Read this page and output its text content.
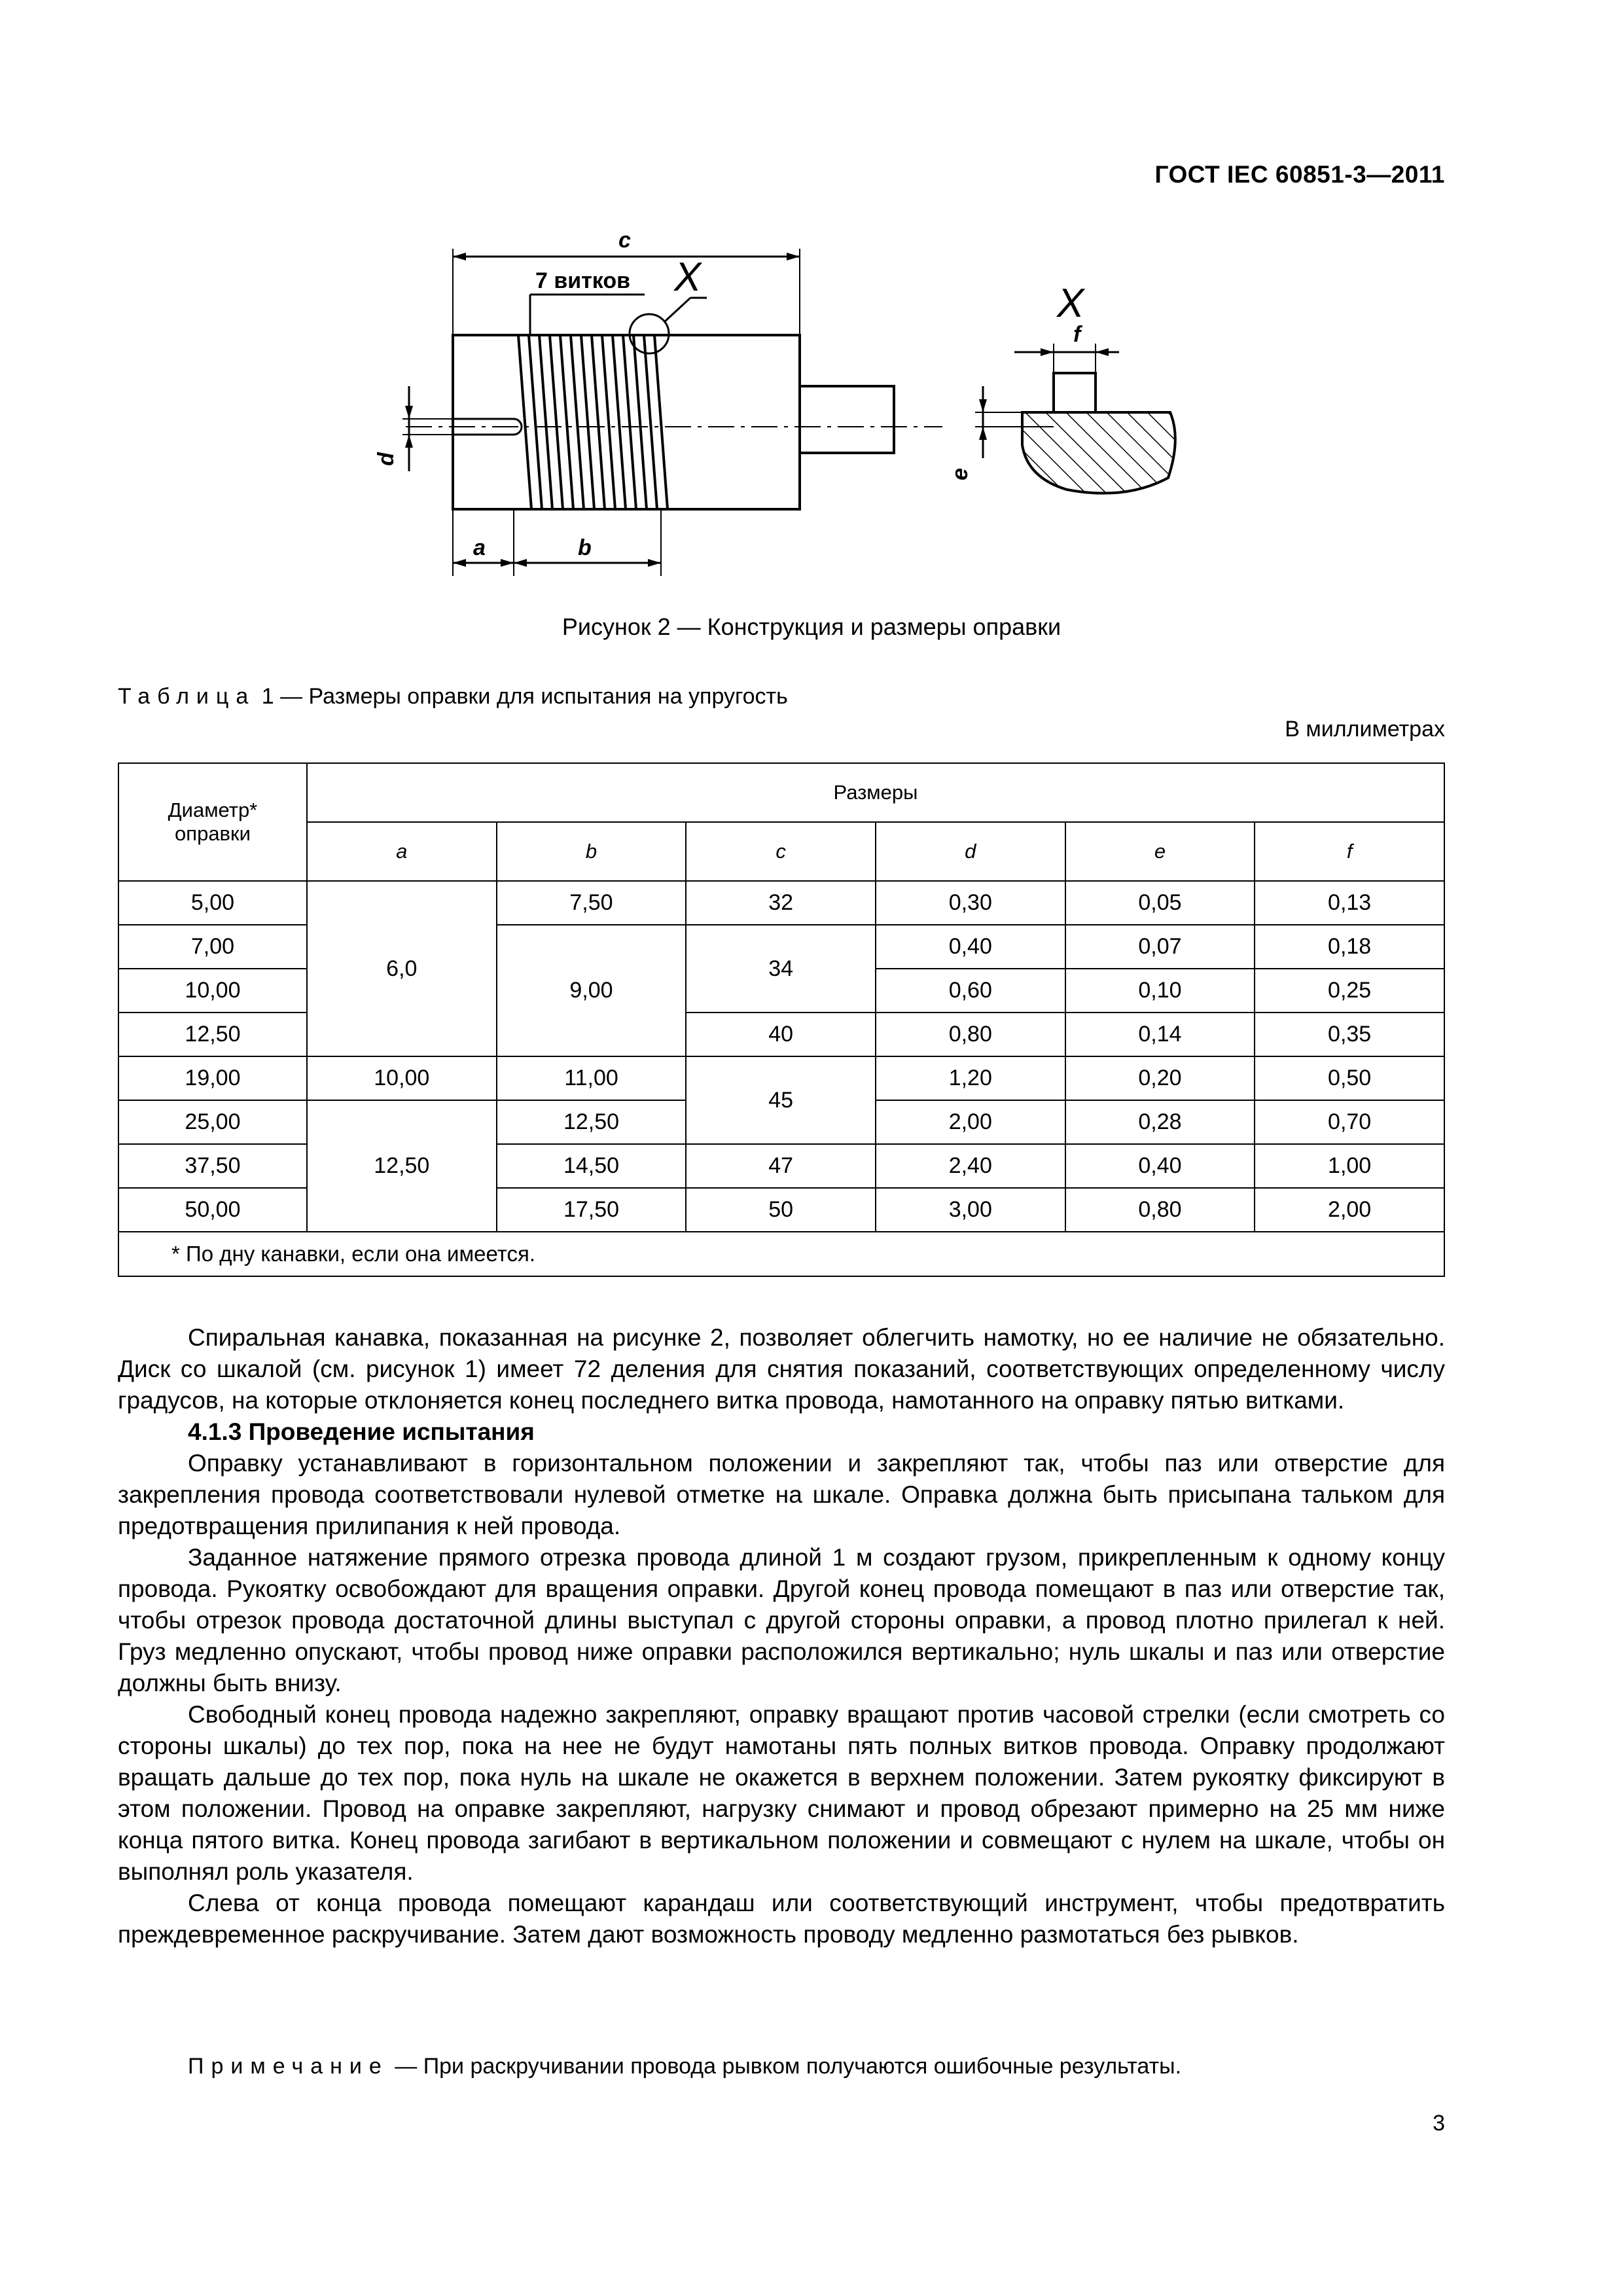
ГОСТ IEC 60851-3—2011
c
7 витков X
a	b
d
X
f
e
Рисунок 2 — Конструкция и размеры оправки
Таблица 1 — Размеры оправки для испытания на упругость
В миллиметрах
Диаметр* оправки	Размеры					
	a	b	c	d	e	f
5,00	6,0	7,50	32	0,30	0,05	0,13
7,00		9,00	34	0,40	0,07	0,18
10,00				0,60	0,10	0,25
12,50			40	0,80	0,14	0,35
19,00	10,00	11,00	45	1,20	0,20	0,50
25,00	12,50	12,50		2,00	0,28	0,70
37,50		14,50	47	2,40	0,40	1,00
50,00		17,50	50	3,00	0,80	2,00
* По дну канавки, если она имеется.						

Спиральная канавка, показанная на рисунке 2, позволяет облегчить намотку, но ее наличие не обязательно. Диск со шкалой (см. рисунок 1) имеет 72 деления для снятия показаний, соответствующих определенному числу градусов, на которые отклоняется конец последнего витка провода, намотанного на оправку пятью витками.

4.1.3 Проведение испытания

Оправку устанавливают в горизонтальном положении и закрепляют так, чтобы паз или отверстие для закрепления провода соответствовали нулевой отметке на шкале. Оправка должна быть присыпана тальком для предотвращения прилипания к ней провода.

Заданное натяжение прямого отрезка провода длиной 1 м создают грузом, прикрепленным к одному концу провода. Рукоятку освобождают для вращения оправки. Другой конец провода помещают в паз или отверстие так, чтобы отрезок провода достаточной длины выступал с другой стороны оправки, а провод плотно прилегал к ней. Груз медленно опускают, чтобы провод ниже оправки расположился вертикально; нуль шкалы и паз или отверстие должны быть внизу.

Свободный конец провода надежно закрепляют, оправку вращают против часовой стрелки (если смотреть со стороны шкалы) до тех пор, пока на нее не будут намотаны пять полных витков провода. Оправку продолжают вращать дальше до тех пор, пока нуль на шкале не окажется в верхнем положении. Затем рукоятку фиксируют в этом положении. Провод на оправке закрепляют, нагрузку снимают и провод обрезают примерно на 25 мм ниже конца пятого витка. Конец провода загибают в вертикальном положении и совмещают с нулем на шкале, чтобы он выполнял роль указателя.

Слева от конца провода помещают карандаш или соответствующий инструмент, чтобы предотвратить преждевременное раскручивание. Затем дают возможность проводу медленно размотаться без рывков.

Примечание — При раскручивании провода рывком получаются ошибочные результаты.
3
